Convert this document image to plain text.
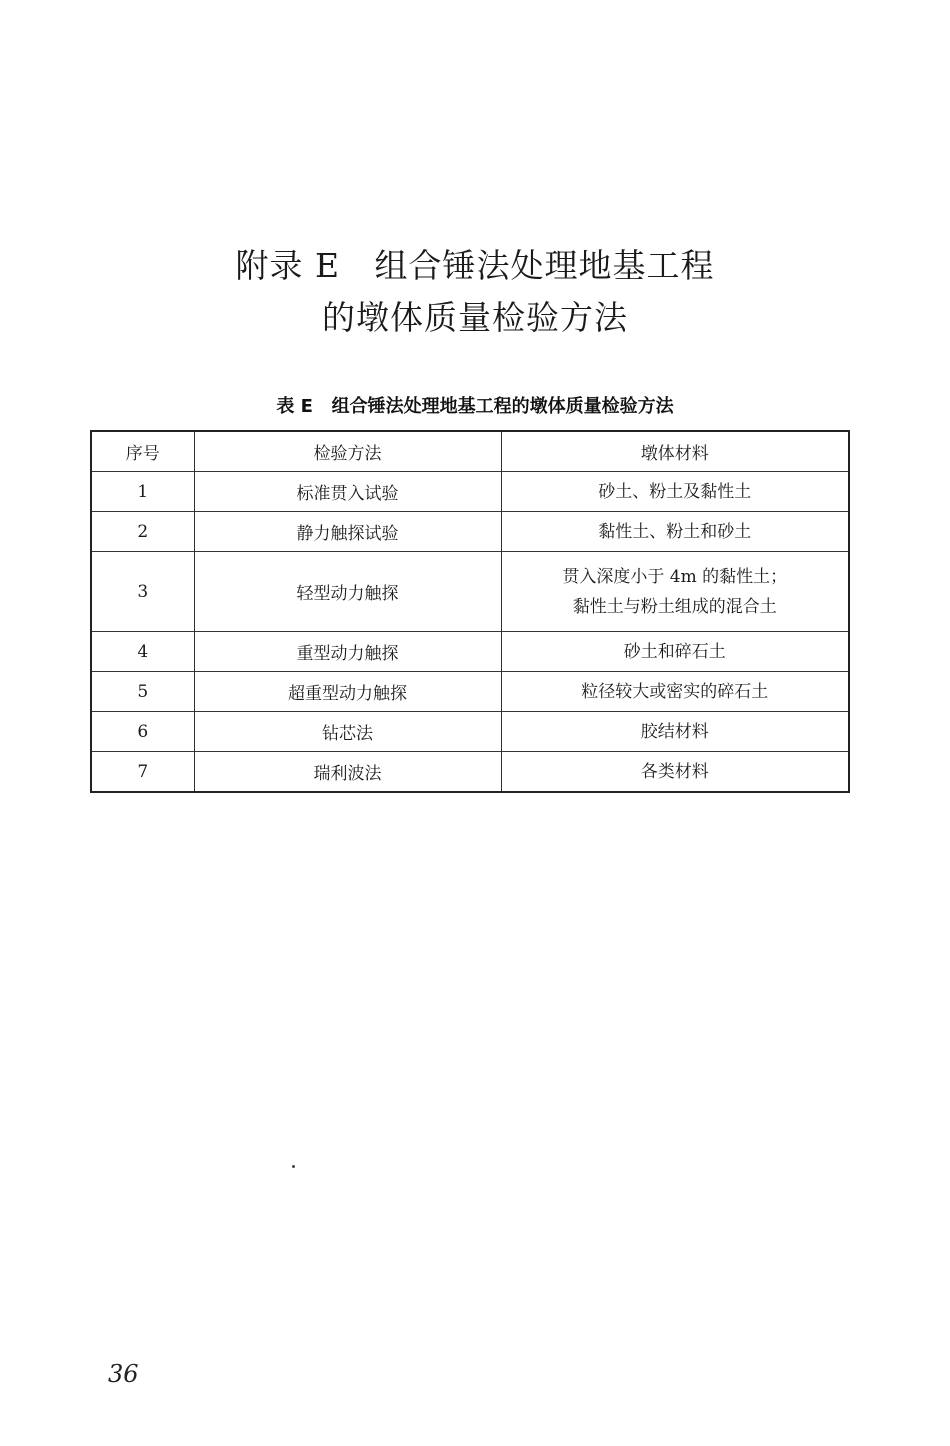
附录 E   组合锤法处理地基工程
的墩体质量检验方法
表 E   组合锤法处理地基工程的墩体质量检验方法
序号	检验方法	墩体材料
1	标准贯入试验	砂土、粉土及黏性土

2	静力触探试验	黏性土、粉土和砂土

3	轻型动力触探	贯入深度小于 4m 的黏性土；
黏性土与粉土组成的混合土

4	重型动力触探	砂土和碎石土

5	超重型动力触探	粒径较大或密实的碎石土

6	钻芯法	胶结材料

7	瑞利波法	各类材料
36
